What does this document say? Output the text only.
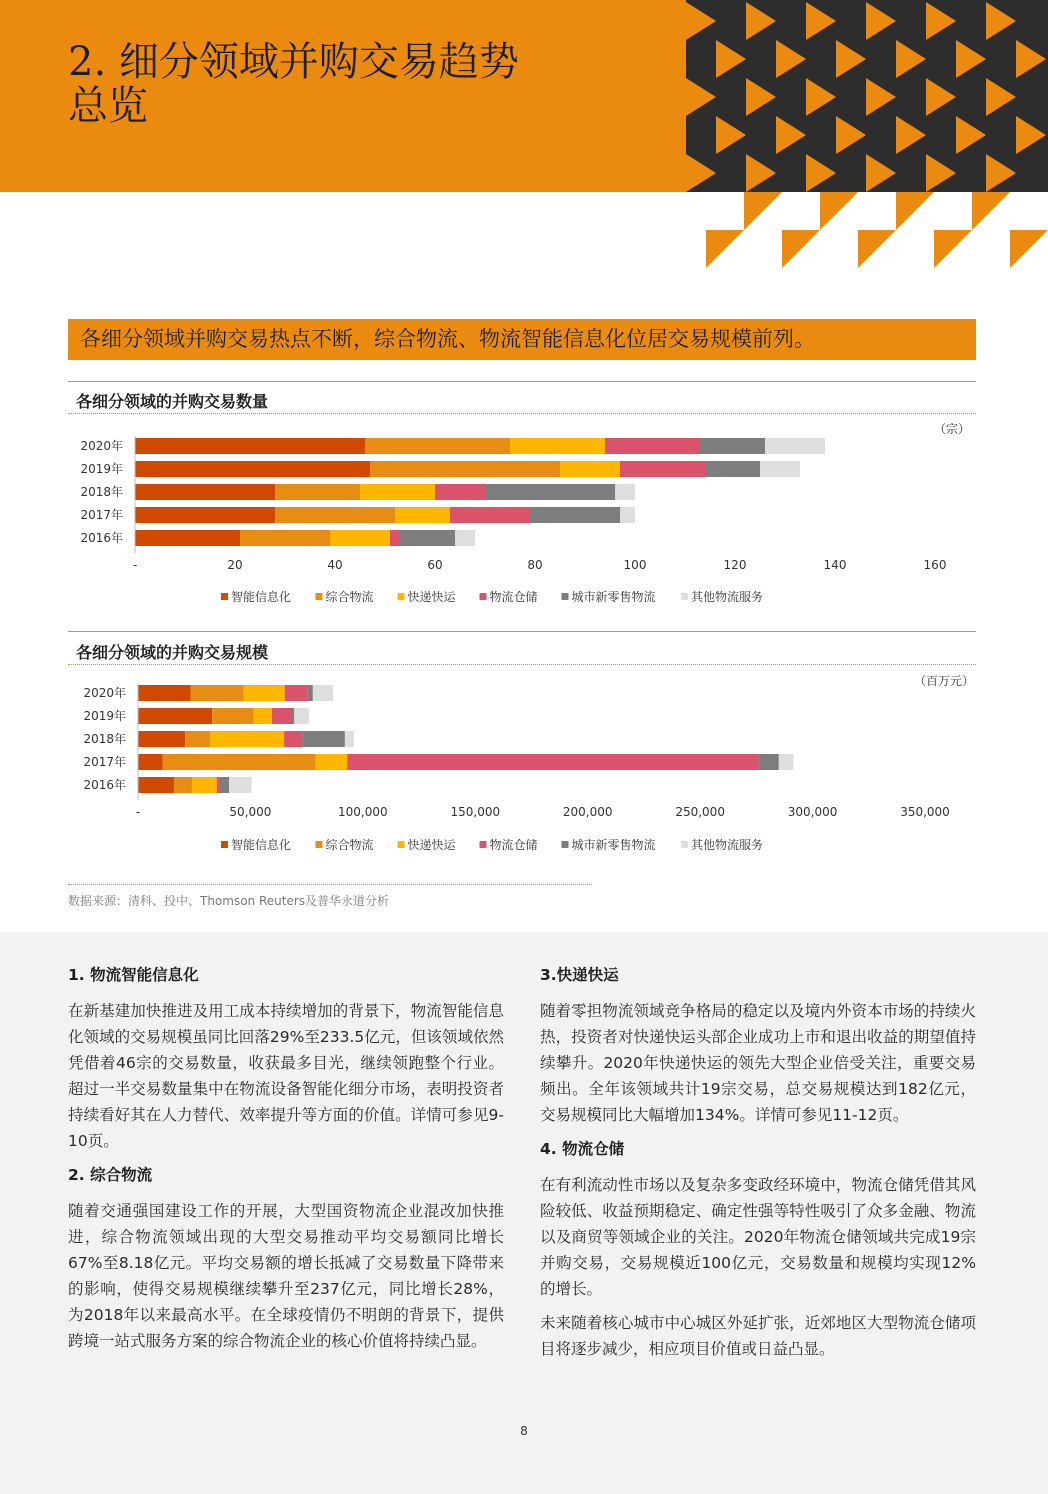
2. 细分领域并购交易趋势
总览
各细分领域并购交易热点不断，综合物流、物流智能信息化位居交易规模前列。
各细分领域的并购交易数量
（宗）
2020年
2019年
2018年
2017年
2016年
-	20	40	60	80	100	120	140	160
智能信息化	综合物流	快递快运	物流仓储	城市新零售物流	其他物流服务
各细分领域的并购交易规模
（百万元）
2020年
2019年
2018年
2017年
2016年
-	50,000	100,000	150,000	200,000	250,000	300,000	350,000
智能信息化	综合物流	快递快运	物流仓储	城市新零售物流	其他物流服务
数据来源：清科、投中、Thomson Reuters及普华永道分析

1. 物流智能信息化

在新基建加快推进及用工成本持续增加的背景下，物流智能信息化领域的交易规模虽同比回落29%至233.5亿元，但该领域依然凭借着46宗的交易数量，收获最多目光，继续领跑整个行业。超过一半交易数量集中在物流设备智能化细分市场，表明投资者持续看好其在人力替代、效率提升等方面的价值。详情可参见9-10页。

2. 综合物流

随着交通强国建设工作的开展，大型国资物流企业混改加快推进，综合物流领域出现的大型交易推动平均交易额同比增长67%至8.18亿元。平均交易额的增长抵减了交易数量下降带来的影响，使得交易规模继续攀升至237亿元，同比增长28%，为2018年以来最高水平。在全球疫情仍不明朗的背景下，提供跨境一站式服务方案的综合物流企业的核心价值将持续凸显。

3.快递快运

随着零担物流领域竞争格局的稳定以及境内外资本市场的持续火热，投资者对快递快运头部企业成功上市和退出收益的期望值持续攀升。2020年快递快运的领先大型企业倍受关注，重要交易频出。全年该领域共计19宗交易，总交易规模达到182亿元，交易规模同比大幅增加134%。详情可参见11-12页。

4. 物流仓储

在有利流动性市场以及复杂多变政经环境中，物流仓储凭借其风险较低、收益预期稳定、确定性强等特性吸引了众多金融、物流以及商贸等领域企业的关注。2020年物流仓储领域共完成19宗并购交易，交易规模近100亿元，交易数量和规模均实现12%的增长。

未来随着核心城市中心城区外延扩张，近郊地区大型物流仓储项目将逐步减少，相应项目价值或日益凸显。

8
